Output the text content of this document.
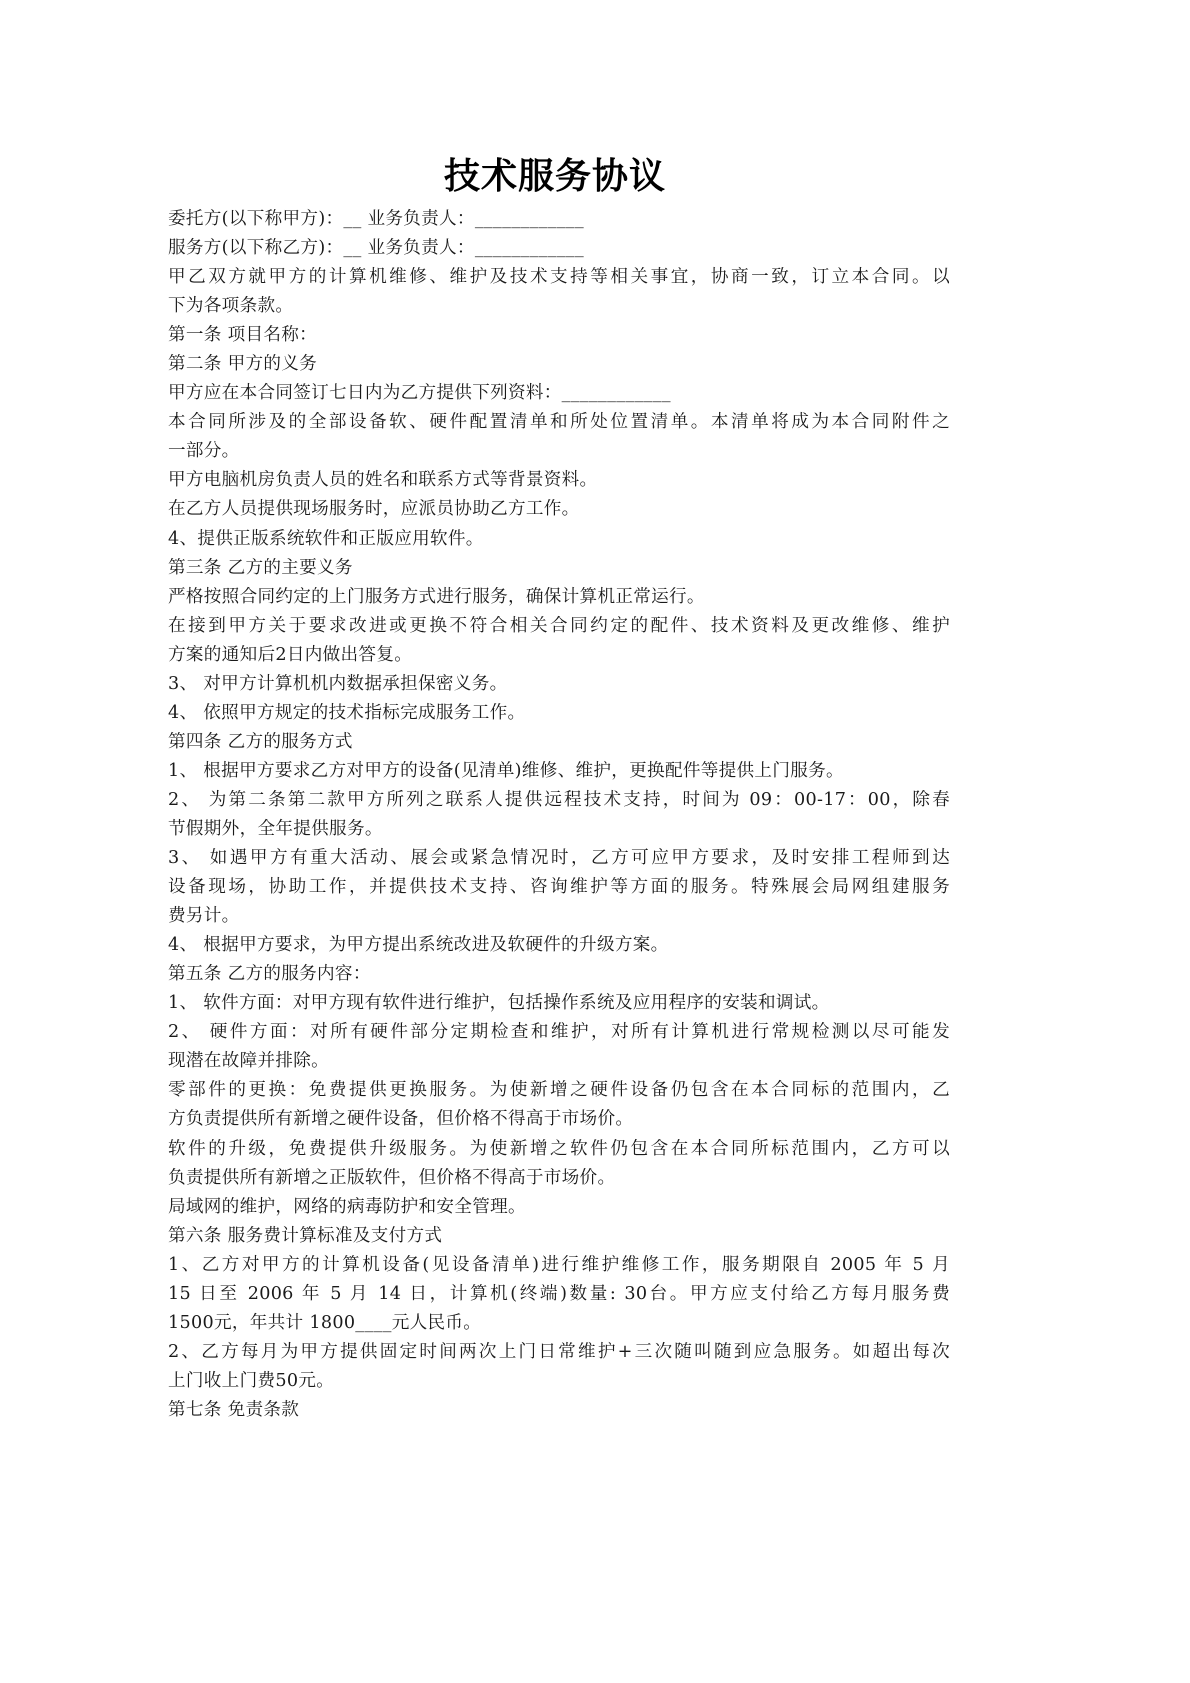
技术服务协议
委托方(以下称甲方)：__ 业务负责人：____________
服务方(以下称乙方)：__ 业务负责人：____________
甲乙双方就甲方的计算机维修、维护及技术支持等相关事宜，协商一致，订立本合同。以
下为各项条款。
第一条 项目名称：
第二条 甲方的义务
甲方应在本合同签订七日内为乙方提供下列资料：____________
本合同所涉及的全部设备软、硬件配置清单和所处位置清单。本清单将成为本合同附件之
一部分。
甲方电脑机房负责人员的姓名和联系方式等背景资料。
在乙方人员提供现场服务时，应派员协助乙方工作。
4、提供正版系统软件和正版应用软件。
第三条 乙方的主要义务
严格按照合同约定的上门服务方式进行服务，确保计算机正常运行。
在接到甲方关于要求改进或更换不符合相关合同约定的配件、技术资料及更改维修、维护
方案的通知后2日内做出答复。
3、 对甲方计算机机内数据承担保密义务。
4、 依照甲方规定的技术指标完成服务工作。
第四条 乙方的服务方式
1、 根据甲方要求乙方对甲方的设备(见清单)维修、维护，更换配件等提供上门服务。
2、 为第二条第二款甲方所列之联系人提供远程技术支持，时间为 09：00-17：00，除春
节假期外，全年提供服务。
3、 如遇甲方有重大活动、展会或紧急情况时，乙方可应甲方要求，及时安排工程师到达
设备现场，协助工作，并提供技术支持、咨询维护等方面的服务。特殊展会局网组建服务
费另计。
4、 根据甲方要求，为甲方提出系统改进及软硬件的升级方案。
第五条 乙方的服务内容：
1、 软件方面：对甲方现有软件进行维护，包括操作系统及应用程序的安装和调试。
2、 硬件方面：对所有硬件部分定期检查和维护，对所有计算机进行常规检测以尽可能发
现潜在故障并排除。
零部件的更换：免费提供更换服务。为使新增之硬件设备仍包含在本合同标的范围内，乙
方负责提供所有新增之硬件设备，但价格不得高于市场价。
软件的升级，免费提供升级服务。为使新增之软件仍包含在本合同所标范围内，乙方可以
负责提供所有新增之正版软件，但价格不得高于市场价。
局域网的维护，网络的病毒防护和安全管理。
第六条 服务费计算标准及支付方式
1、乙方对甲方的计算机设备(见设备清单)进行维护维修工作，服务期限自 2005 年 5 月
15 日至 2006 年 5 月 14 日，计算机(终端)数量: 30台。甲方应支付给乙方每月服务费
1500元，年共计 1800____元人民币。
2、乙方每月为甲方提供固定时间两次上门日常维护+三次随叫随到应急服务。如超出每次
上门收上门费50元。
第七条 免责条款
